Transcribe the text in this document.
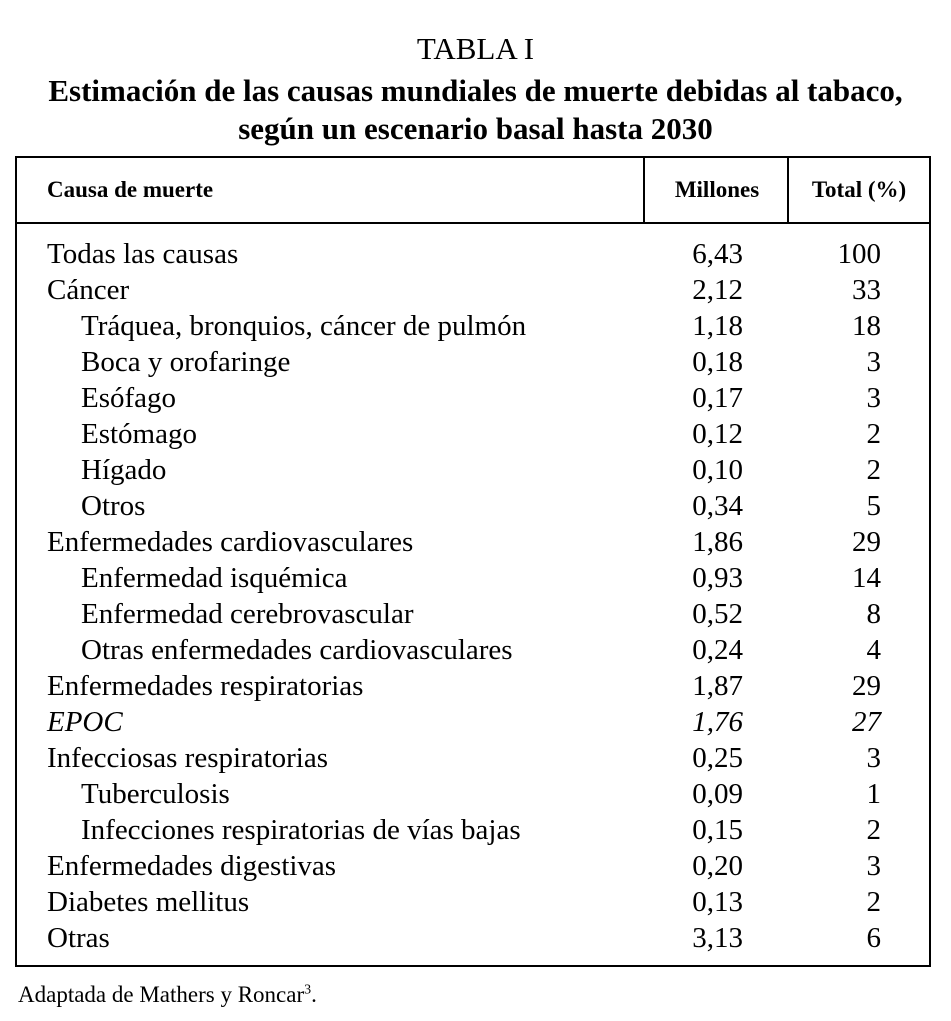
TABLA I
Estimación de las causas mundiales de muerte debidas al tabaco, según un escenario basal hasta 2030
Causa de muerte	Millones	Total (%)
Todas las causas	6,43	100
Cáncer	2,12	33
Tráquea, bronquios, cáncer de pulmón	1,18	18
Boca y orofaringe	0,18	3
Esófago	0,17	3
Estómago	0,12	2
Hígado	0,10	2
Otros	0,34	5
Enfermedades cardiovasculares	1,86	29
Enfermedad isquémica	0,93	14
Enfermedad cerebrovascular	0,52	8
Otras enfermedades cardiovasculares	0,24	4
Enfermedades respiratorias	1,87	29
EPOC	1,76	27
Infecciosas respiratorias	0,25	3
Tuberculosis	0,09	1
Infecciones respiratorias de vías bajas	0,15	2
Enfermedades digestivas	0,20	3
Diabetes mellitus	0,13	2
Otras	3,13	6
Adaptada de Mathers y Roncar$^3$.
